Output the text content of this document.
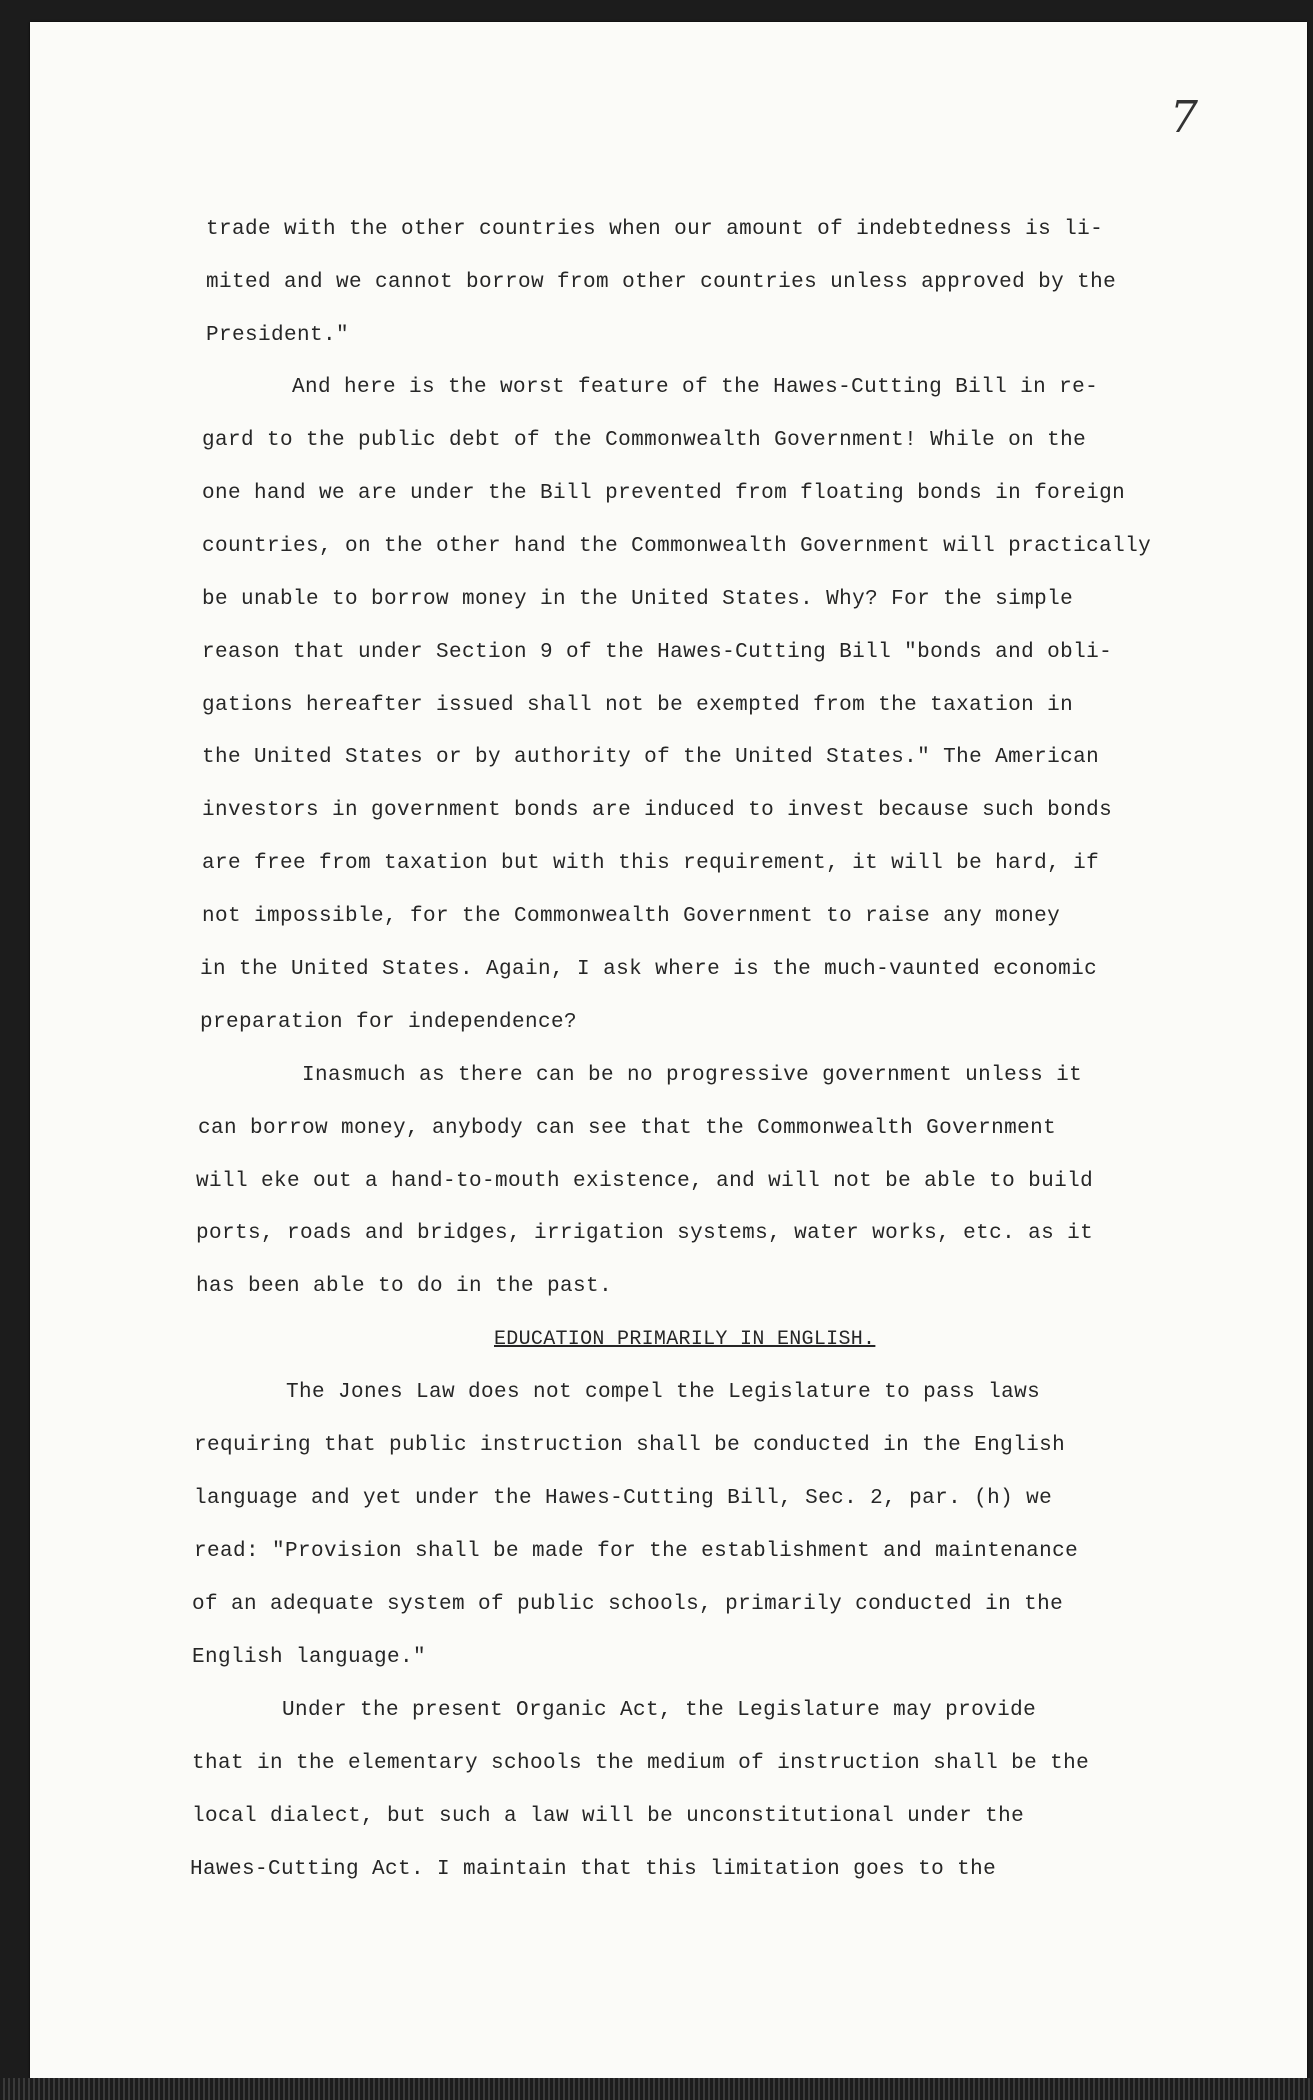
7
trade with the other countries when our amount of indebtedness is li-
mited and we cannot borrow from other countries unless approved by the
President."
And here is the worst feature of the Hawes-Cutting Bill in re-
gard to the public debt of the Commonwealth Government! While on the
one hand we are under the Bill prevented from floating bonds in foreign
countries, on the other hand the Commonwealth Government will practically
be unable to borrow money in the United States. Why? For the simple
reason that under Section 9 of the Hawes-Cutting Bill "bonds and obli-
gations hereafter issued shall not be exempted from the taxation in
the United States or by authority of the United States." The American
investors in government bonds are induced to invest because such bonds
are free from taxation but with this requirement, it will be hard, if
not impossible, for the Commonwealth Government to raise any money
in the United States. Again, I ask where is the much-vaunted economic
preparation for independence?
Inasmuch as there can be no progressive government unless it
can borrow money, anybody can see that the Commonwealth Government
will eke out a hand-to-mouth existence, and will not be able to build
ports, roads and bridges, irrigation systems, water works, etc. as it
has been able to do in the past.
EDUCATION PRIMARILY IN ENGLISH.
The Jones Law does not compel the Legislature to pass laws
requiring that public instruction shall be conducted in the English
language and yet under the Hawes-Cutting Bill, Sec. 2, par. (h) we
read: "Provision shall be made for the establishment and maintenance
of an adequate system of public schools, primarily conducted in the
English language."
Under the present Organic Act, the Legislature may provide
that in the elementary schools the medium of instruction shall be the
local dialect, but such a law will be unconstitutional under the
Hawes-Cutting Act. I maintain that this limitation goes to the
